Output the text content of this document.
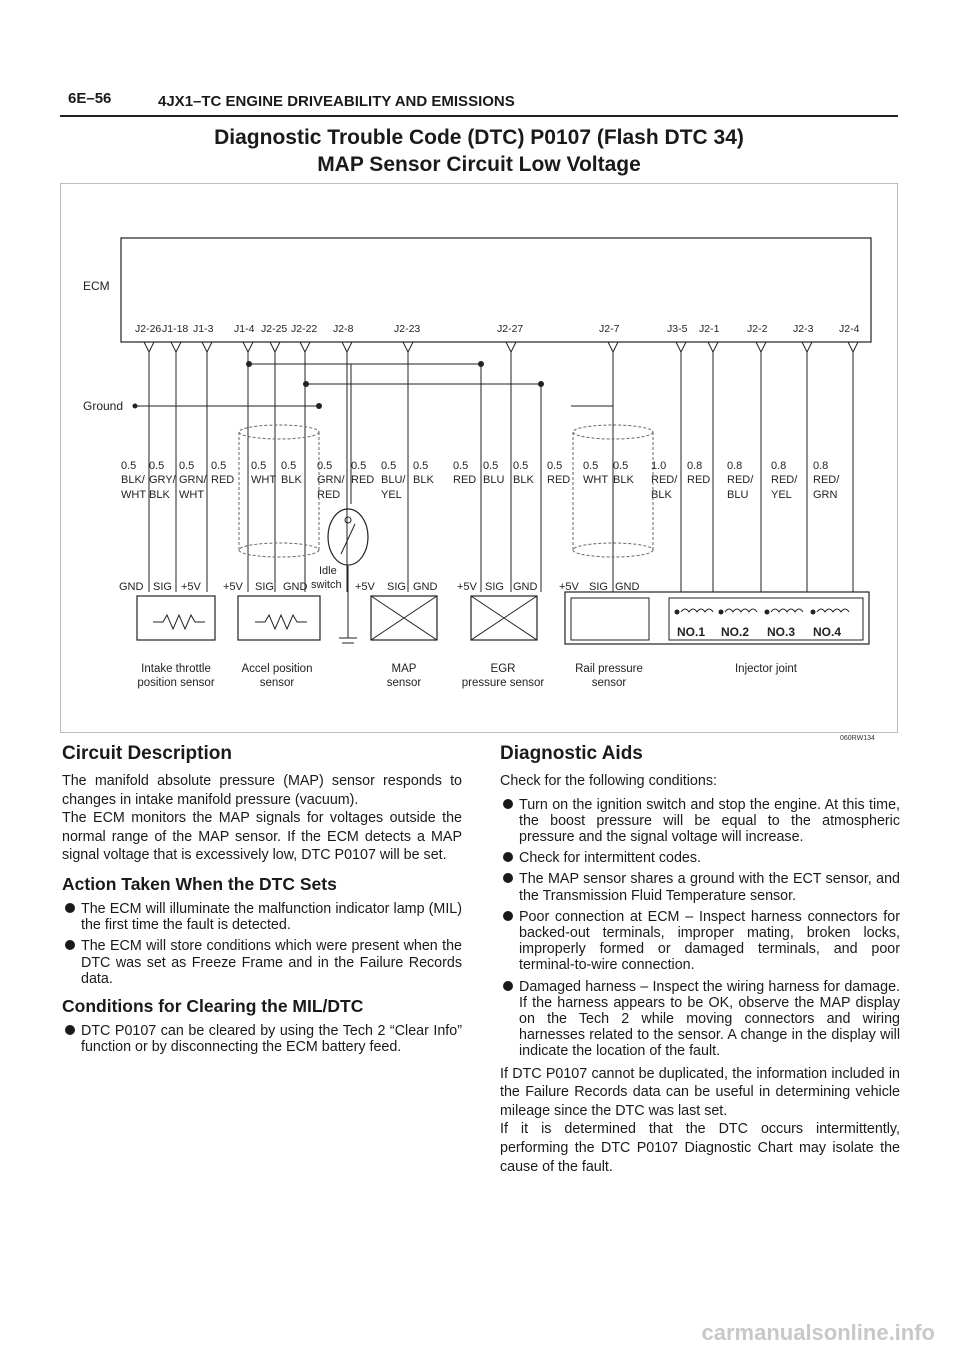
6E–56	4JX1–TC ENGINE DRIVEABILITY AND EMISSIONS
Diagnostic Trouble Code (DTC) P0107 (Flash DTC 34)
MAP Sensor Circuit Low Voltage
ECM
J2-26 J1-18 J1-3 J1-4 J2-25 J2-22 J2-8	J2-23	J2-27	J2-7	J3-5 J2-1	J2-2 J2-3 J2-4
0.5
BLK/
WHT
0.5
GRY/
BLK
0.5
GRN/
WHT
0.5
RED
0.5
WHT
0.5
BLK
0.5
GRN/
RED
0.5
RED
0.5
BLU/
YEL
0.5
BLK
0.5
RED
0.5
BLU
0.5
BLK
0.5
RED
0.5
WHT
0.5
BLK
1.0
RED/
BLK
0.8
RED
0.8
RED/
BLU
0.8
RED/
YEL
0.8
RED/
GRN
GND SIG +5V +5V SIG GND	+5V SIG GND +5V SIG GND +5V SIG GND
Intake throttle
position sensor
Accel position
sensor
MAP
sensor
EGR
pressure sensor
Rail pressure
sensor
Injector joint
Ground
Idle
switch
NO.1 NO.2 NO.3 NO.4
060RW134
Circuit Description

The manifold absolute pressure (MAP) sensor responds to changes in intake manifold pressure (vacuum).

The ECM monitors the MAP signals for voltages outside the normal range of the MAP sensor. If the ECM detects a MAP signal voltage that is excessively low, DTC P0107 will be set.

Action Taken When the DTC Sets
The ECM will illuminate the malfunction indicator lamp (MIL) the first time the fault is detected.
The ECM will store conditions which were present when the DTC was set as Freeze Frame and in the Failure Records data.
Conditions for Clearing the MIL/DTC
DTC P0107 can be cleared by using the Tech 2 “Clear Info” function or by disconnecting the ECM battery feed.
Diagnostic Aids

Check for the following conditions:

Turn on the ignition switch and stop the engine. At this time, the boost pressure will be equal to the atmospheric pressure and the signal voltage will increase.
Check for intermittent codes.
The MAP sensor shares a ground with the ECT sensor, and the Transmission Fluid Temperature sensor.
Poor connection at ECM – Inspect harness connectors for backed-out terminals, improper mating, broken locks, improperly formed or damaged terminals, and poor terminal-to-wire connection.
Damaged harness – Inspect the wiring harness for damage. If the harness appears to be OK, observe the MAP display on the Tech 2 while moving connectors and wiring harnesses related to the sensor. A change in the display will indicate the location of the fault.

If DTC P0107 cannot be duplicated, the information included in the Failure Records data can be useful in determining vehicle mileage since the DTC was last set.

If it is determined that the DTC occurs intermittently, performing the DTC P0107 Diagnostic Chart may isolate the cause of the fault.

carmanualsonline.info
